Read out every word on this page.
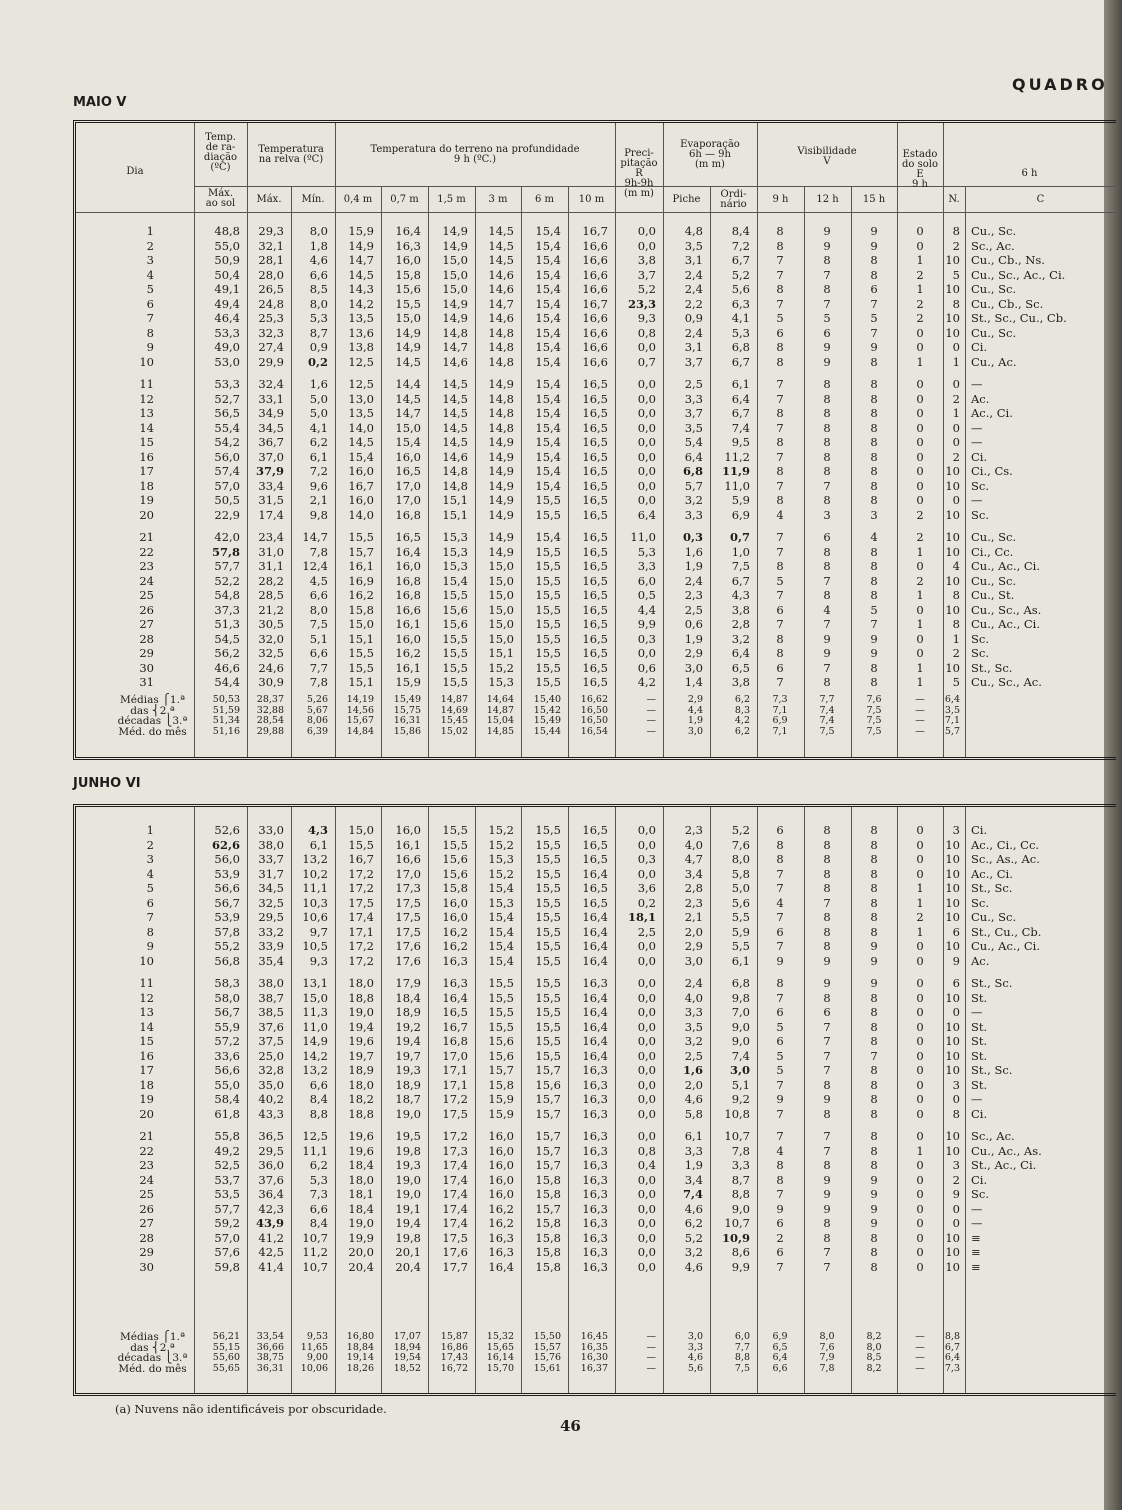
QUADRO
MAIO V
Dia
Temp.
de ra-
diação
(ºC)
Máx.
ao sol
Temperatura
na relva (ºC)
Máx.	Mín.
Temperatura do terreno na profundidade
9 h (ºC.)
0,4 m	0,7 m	1,5 m	3 m	6 m	10 m
Preci-
pitação
R
9h-9h
(m m)
Evaporação
6h — 9h
(m m)
Piche	Ordi-
nário
Visibilidade
V
9 h	12 h	15 h
Estado
do solo
E
9 h
6 h
N.	C
1	48,8 29,3 8,0 15,9 16,4 14,9 14,5 15,4 16,7	0,0 4,8 8,4	8	9	9	0	8 Cu., Sc.
2	55,0 32,1 1,8 14,9 16,3 14,9 14,5 15,4 16,6	0,0 3,5 7,2	8	9	9	0	2 Sc., Ac.
3	50,9 28,1 4,6 14,7 16,0 15,0 14,5 15,4 16,6	3,8 3,1 6,7	7	8	8	1	10 Cu., Cb., Ns.
4	50,4 28,0 6,6 14,5 15,8 15,0 14,6 15,4 16,6	3,7 2,4 5,2	7	7	8	2	5 Cu., Sc., Ac., Ci.
5	49,1 26,5 8,5 14,3 15,6 15,0 14,6 15,4 16,6	5,2 2,4 5,6	8	8	6	1	10 Cu., Sc.
6	49,4 24,8 8,0 14,2 15,5 14,9 14,7 15,4 16,7 23,3 2,2 6,3	7	7	7	2	8 Cu., Cb., Sc.
7	46,4 25,3 5,3 13,5 15,0 14,9 14,6 15,4 16,6	9,3 0,9 4,1	5	5	5	2	10 St., Sc., Cu., Cb.
8	53,3 32,3 8,7 13,6 14,9 14,8 14,8 15,4 16,6	0,8 2,4 5,3	6	6	7	0	10 Cu., Sc.
9	49,0 27,4 0,9 13,8 14,9 14,7 14,8 15,4 16,6	0,0 3,1 6,8	8	9	9	0	0 Ci.
10	53,0 29,9 0,2 12,5 14,5 14,6 14,8 15,4 16,6	0,7 3,7 6,7	8	9	8	1	1 Cu., Ac.
11	53,3 32,4 1,6 12,5 14,4 14,5 14,9 15,4 16,5	0,0 2,5 6,1	7	8	8	0	0 —
12	52,7 33,1 5,0 13,0 14,5 14,5 14,8 15,4 16,5	0,0 3,3 6,4	7	8	8	0	2 Ac.
13	56,5 34,9 5,0 13,5 14,7 14,5 14,8 15,4 16,5	0,0 3,7 6,7	8	8	8	0	1 Ac., Ci.
14	55,4 34,5 4,1 14,0 15,0 14,5 14,8 15,4 16,5	0,0 3,5 7,4	7	8	8	0	0 —
15	54,2 36,7 6,2 14,5 15,4 14,5 14,9 15,4 16,5	0,0 5,4 9,5	8	8	8	0	0 —
16	56,0 37,0 6,1 15,4 16,0 14,6 14,9 15,4 16,5	0,0 6,4 11,2	7	8	8	0	2 Ci.
17	57,4 37,9 7,2 16,0 16,5 14,8 14,9 15,4 16,5	0,0 6,8 11,9	8	8	8	0	10 Ci., Cs.
18	57,0 33,4 9,6 16,7 17,0 14,8 14,9 15,4 16,5	0,0 5,7 11,0	7	7	8	0	10 Sc.
19	50,5 31,5 2,1 16,0 17,0 15,1 14,9 15,5 16,5	0,0 3,2 5,9	8	8	8	0	0 —
20	22,9 17,4 9,8 14,0 16,8 15,1 14,9 15,5 16,5	6,4 3,3 6,9	4	3	3	2	10 Sc.
21	42,0 23,4 14,7 15,5 16,5 15,3 14,9 15,4 16,5 11,0 0,3 0,7	7	6	4	2	10 Cu., Sc.
22	57,8 31,0 7,8 15,7 16,4 15,3 14,9 15,5 16,5	5,3 1,6 1,0	7	8	8	1	10 Ci., Cc.
23	57,7 31,1 12,4 16,1 16,0 15,3 15,0 15,5 16,5	3,3 1,9 7,5	8	8	8	0	4 Cu., Ac., Ci.
24	52,2 28,2 4,5 16,9 16,8 15,4 15,0 15,5 16,5	6,0 2,4 6,7	5	7	8	2	10 Cu., Sc.
25	54,8 28,5 6,6 16,2 16,8 15,5 15,0 15,5 16,5	0,5 2,3 4,3	7	8	8	1	8 Cu., St.
26	37,3 21,2 8,0 15,8 16,6 15,6 15,0 15,5 16,5	4,4 2,5 3,8	6	4	5	0	10 Cu., Sc., As.
27	51,3 30,5 7,5 15,0 16,1 15,6 15,0 15,5 16,5	9,9 0,6 2,8	7	7	7	1	8 Cu., Ac., Ci.
28	54,5 32,0 5,1 15,1 16,0 15,5 15,0 15,5 16,5	0,3 1,9 3,2	8	9	9	0	1 Sc.
29	56,2 32,5 6,6 15,5 16,2 15,5 15,1 15,5 16,5	0,0 2,9 6,4	8	9	9	0	2 Sc.
30	46,6 24,6 7,7 15,5 16,1 15,5 15,2 15,5 16,5	0,6 3,0 6,5	6	7	8	1	10 St., Sc.
31	54,4 30,9 7,8 15,1 15,9 15,5 15,3 15,5 16,5	4,2 1,4 3,8	7	8	8	1	5 Cu., Sc., Ac.
Médias ⎧1.ª	50,53 28,37 5,26 14,19 15,49 14,87 14,64 15,40 16,62	—	2,9	6,2	7,3	7,7	7,6	—	6,4
das ⎨2.ª	51,59 32,88 5,67 14,56 15,75 14,69 14,87 15,42 16,50	—	4,4	8,3	7,1	7,4	7,5	—	3,5
décadas ⎩3.ª	51,34 28,54 8,06 15,67 16,31 15,45 15,04 15,49 16,50	—	1,9	4,2	6,9	7,4	7,5	—	7,1
Méd. do mês	51,16 29,88 6,39 14,84 15,86 15,02 14,85 15,44 16,54	—	3,0	6,2	7,1	7,5	7,5	—	5,7
JUNHO VI
1	52,6 33,0 4,3 15,0 16,0 15,5 15,2 15,5 16,5	0,0 2,3 5,2	6	8	8	0	3 Ci.
2	62,6 38,0 6,1 15,5 16,1 15,5 15,2 15,5 16,5	0,0 4,0 7,6	8	8	8	0	10 Ac., Ci., Cc.
3	56,0 33,7 13,2 16,7 16,6 15,6 15,3 15,5 16,5	0,3 4,7 8,0	8	8	8	0	10 Sc., As., Ac.
4	53,9 31,7 10,2 17,2 17,0 15,6 15,2 15,5 16,4	0,0 3,4 5,8	7	8	8	0	10 Ac., Ci.
5	56,6 34,5 11,1 17,2 17,3 15,8 15,4 15,5 16,5	3,6 2,8 5,0	7	8	8	1	10 St., Sc.
6	56,7 32,5 10,3 17,5 17,5 16,0 15,3 15,5 16,5	0,2 2,3 5,6	4	7	8	1	10 Sc.
7	53,9 29,5 10,6 17,4 17,5 16,0 15,4 15,5 16,4 18,1 2,1 5,5	7	8	8	2	10 Cu., Sc.
8	57,8 33,2 9,7 17,1 17,5 16,2 15,4 15,5 16,4	2,5 2,0 5,9	6	8	8	1	6 St., Cu., Cb.
9	55,2 33,9 10,5 17,2 17,6 16,2 15,4 15,5 16,4	0,0 2,9 5,5	7	8	9	0	10 Cu., Ac., Ci.
10	56,8 35,4 9,3 17,2 17,6 16,3 15,4 15,5 16,4	0,0 3,0 6,1	9	9	9	0	9 Ac.
11	58,3 38,0 13,1 18,0 17,9 16,3 15,5 15,5 16,3	0,0 2,4 6,8	8	9	9	0	6 St., Sc.
12	58,0 38,7 15,0 18,8 18,4 16,4 15,5 15,5 16,4	0,0 4,0 9,8	7	8	8	0	10 St.
13	56,7 38,5 11,3 19,0 18,9 16,5 15,5 15,5 16,4	0,0 3,3 7,0	6	6	8	0	0 —
14	55,9 37,6 11,0 19,4 19,2 16,7 15,5 15,5 16,4	0,0 3,5 9,0	5	7	8	0	10 St.
15	57,2 37,5 14,9 19,6 19,4 16,8 15,6 15,5 16,4	0,0 3,2 9,0	6	7	8	0	10 St.
16	33,6 25,0 14,2 19,7 19,7 17,0 15,6 15,5 16,4	0,0 2,5 7,4	5	7	7	0	10 St.
17	56,6 32,8 13,2 18,9 19,3 17,1 15,7 15,7 16,3	0,0 1,6 3,0	5	7	8	0	10 St., Sc.
18	55,0 35,0 6,6 18,0 18,9 17,1 15,8 15,6 16,3	0,0 2,0 5,1	7	8	8	0	3 St.
19	58,4 40,2 8,4 18,2 18,7 17,2 15,9 15,7 16,3	0,0 4,6 9,2	9	9	8	0	0 —
20	61,8 43,3 8,8 18,8 19,0 17,5 15,9 15,7 16,3	0,0 5,8 10,8	7	8	8	0	8 Ci.
21	55,8 36,5 12,5 19,6 19,5 17,2 16,0 15,7 16,3	0,0 6,1 10,7	7	7	8	0	10 Sc., Ac.
22	49,2 29,5 11,1 19,6 19,8 17,3 16,0 15,7 16,3	0,8 3,3 7,8	4	7	8	1	10 Cu., Ac., As.
23	52,5 36,0 6,2 18,4 19,3 17,4 16,0 15,7 16,3	0,4 1,9 3,3	8	8	8	0	3 St., Ac., Ci.
24	53,7 37,6 5,3 18,0 19,0 17,4 16,0 15,8 16,3	0,0 3,4 8,7	8	9	9	0	2 Ci.
25	53,5 36,4 7,3 18,1 19,0 17,4 16,0 15,8 16,3	0,0 7,4 8,8	7	9	9	0	9 Sc.
26	57,7 42,3 6,6 18,4 19,1 17,4 16,2 15,7 16,3	0,0 4,6 9,0	9	9	9	0	0 —
27	59,2 43,9 8,4 19,0 19,4 17,4 16,2 15,8 16,3	0,0 6,2 10,7	6	8	9	0	0 —
28	57,0 41,2 10,7 19,9 19,8 17,5 16,3 15,8 16,3	0,0 5,2 10,9	2	8	8	0	10 ≡
29	57,6 42,5 11,2 20,0 20,1 17,6 16,3 15,8 16,3	0,0 3,2 8,6	6	7	8	0	10 ≡
30	59,8 41,4 10,7 20,4 20,4 17,7 16,4 15,8 16,3	0,0 4,6 9,9	7	7	8	0	10 ≡
Médias ⎧1.ª	56,21 33,54 9,53 16,80 17,07 15,87 15,32 15,50 16,45	—	3,0	6,0	6,9	8,0	8,2	—	8,8
das ⎨2.ª	55,15 36,66 11,65 18,84 18,94 16,86 15,65 15,57 16,35	—	3,3	7,7	6,5	7,6	8,0	—	6,7
décadas ⎩3.ª	55,60 38,75 9,00 19,14 19,54 17,43 16,14 15,76 16,30	—	4,6	8,8	6,4	7,9	8,5	—	6,4
Méd. do mês	55,65 36,31 10,06 18,26 18,52 16,72 15,70 15,61 16,37	—	5,6	7,5	6,6	7,8	8,2	—	7,3
(a) Nuvens não identificáveis por obscuridade.
46
